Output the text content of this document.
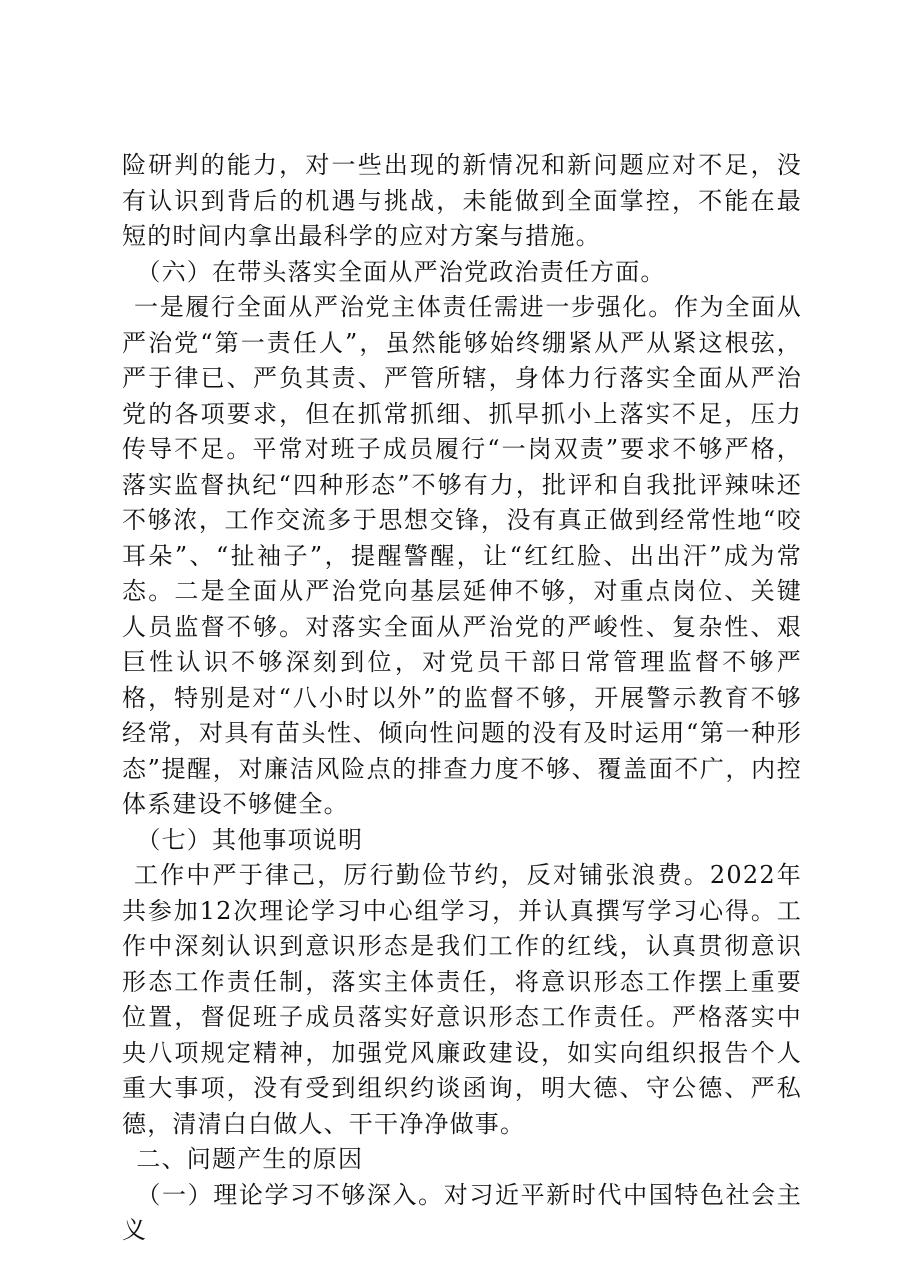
险研判的能力，对一些出现的新情况和新问题应对不足，没有认识到背后的机遇与挑战，未能做到全面掌控，不能在最短的时间内拿出最科学的应对方案与措施。

（六）在带头落实全面从严治党政治责任方面。

一是履行全面从严治党主体责任需进一步强化。作为全面从严治党“第一责任人”，虽然能够始终绷紧从严从紧这根弦，严于律已、严负其责、严管所辖，身体力行落实全面从严治党的各项要求，但在抓常抓细、抓早抓小上落实不足，压力传导不足。平常对班子成员履行“一岗双责”要求不够严格，落实监督执纪“四种形态”不够有力，批评和自我批评辣味还不够浓，工作交流多于思想交锋，没有真正做到经常性地“咬耳朵”、“扯袖子”，提醒警醒，让“红红脸、出出汗”成为常态。二是全面从严治党向基层延伸不够，对重点岗位、关键人员监督不够。对落实全面从严治党的严峻性、复杂性、艰巨性认识不够深刻到位，对党员干部日常管理监督不够严格，特别是对“八小时以外”的监督不够，开展警示教育不够经常，对具有苗头性、倾向性问题的没有及时运用“第一种形态”提醒，对廉洁风险点的排查力度不够、覆盖面不广，内控体系建设不够健全。

（七）其他事项说明

工作中严于律己，厉行勤俭节约，反对铺张浪费。2022年共参加12次理论学习中心组学习，并认真撰写学习心得。工作中深刻认识到意识形态是我们工作的红线，认真贯彻意识形态工作责任制，落实主体责任，将意识形态工作摆上重要位置，督促班子成员落实好意识形态工作责任。严格落实中央八项规定精神，加强党风廉政建设，如实向组织报告个人重大事项，没有受到组织约谈函询，明大德、守公德、严私德，清清白白做人、干干净净做事。

二、问题产生的原因

（一）理论学习不够深入。对习近平新时代中国特色社会主义
